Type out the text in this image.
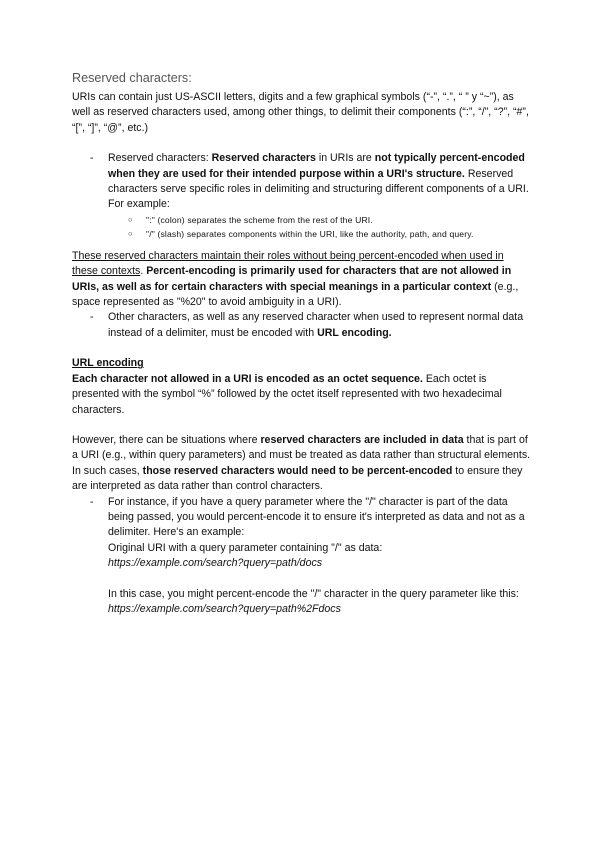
Reserved characters:

URIs can contain just US-ASCII letters, digits and a few graphical symbols (“-”, “.”, “ ” y “~”), as well as reserved characters used, among other things, to delimit their components (“:”, “/”, “?”, “#”, “[”, “]”, “@”, etc.)

- Reserved characters: Reserved characters in URIs are not typically percent-encoded when they are used for their intended purpose within a URI's structure. Reserved characters serve specific roles in delimiting and structuring different components of a URI. For example:
○ ":" (colon) separates the scheme from the rest of the URI.
○ "/" (slash) separates components within the URI, like the authority, path, and query.

These reserved characters maintain their roles without being percent-encoded when used in these contexts. Percent-encoding is primarily used for characters that are not allowed in URIs, as well as for certain characters with special meanings in a particular context (e.g., space represented as "%20" to avoid ambiguity in a URI).

- Other characters, as well as any reserved character when used to represent normal data instead of a delimiter, must be encoded with URL encoding.

URL encoding

Each character not allowed in a URI is encoded as an octet sequence. Each octet is presented with the symbol “%” followed by the octet itself represented with two hexadecimal characters.

However, there can be situations where reserved characters are included in data that is part of a URI (e.g., within query parameters) and must be treated as data rather than structural elements. In such cases, those reserved characters would need to be percent-encoded to ensure they are interpreted as data rather than control characters.

- For instance, if you have a query parameter where the "/" character is part of the data being passed, you would percent-encode it to ensure it's interpreted as data and not as a delimiter. Here's an example:
Original URI with a query parameter containing "/" as data:
https://example.com/search?query=path/docs
In this case, you might percent-encode the "/" character in the query parameter like this: https://example.com/search?query=path%2Fdocs
